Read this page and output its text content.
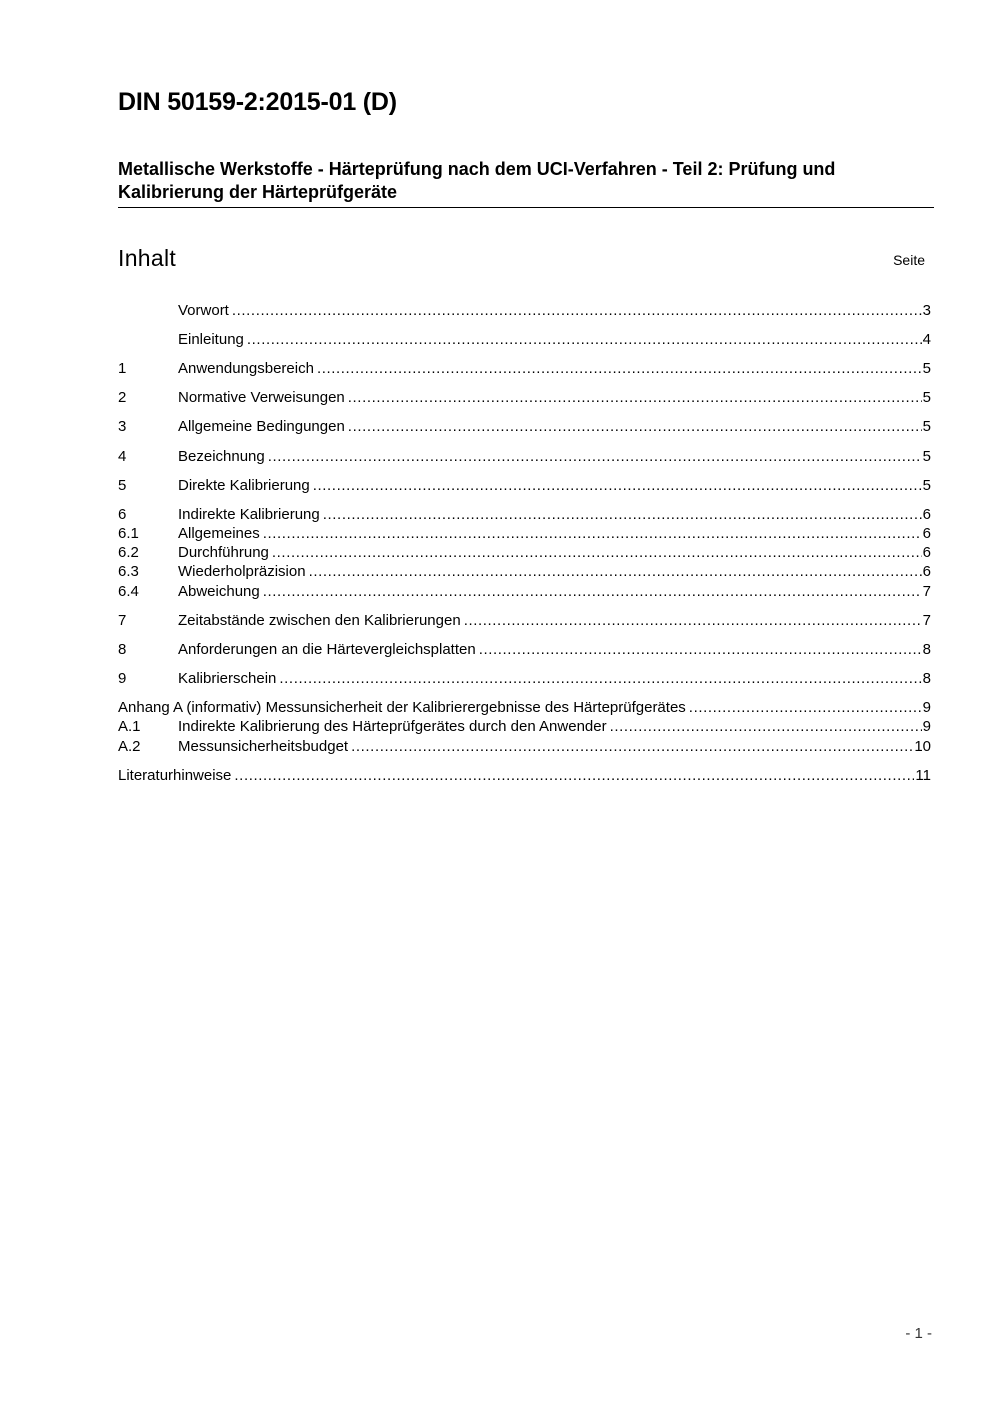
DIN 50159-2:2015-01 (D)
Metallische Werkstoffe - Härteprüfung nach dem UCI-Verfahren - Teil 2: Prüfung und Kalibrierung der Härteprüfgeräte
Inhalt	Seite
Vorwort .....	3
Einleitung .....	4
1	Anwendungsbereich .....	5
2	Normative Verweisungen .....	5
3	Allgemeine Bedingungen .....	5
4	Bezeichnung .....	5
5	Direkte Kalibrierung .....	5
6	Indirekte Kalibrierung .....	6
6.1	Allgemeines .....	6
6.2	Durchführung .....	6
6.3	Wiederholpräzision .....	6
6.4	Abweichung .....	7
7	Zeitabstände zwischen den Kalibrierungen .....	7
8	Anforderungen an die Härtevergleichsplatten .....	8
9	Kalibrierschein .....	8
Anhang A (informativ) Messunsicherheit der Kalibrierergebnisse des Härteprüfgerätes .....	9
A.1	Indirekte Kalibrierung des Härteprüfgerätes durch den Anwender .....	9
A.2	Messunsicherheitsbudget .....	10
Literaturhinweise .....	11
- 1 -
